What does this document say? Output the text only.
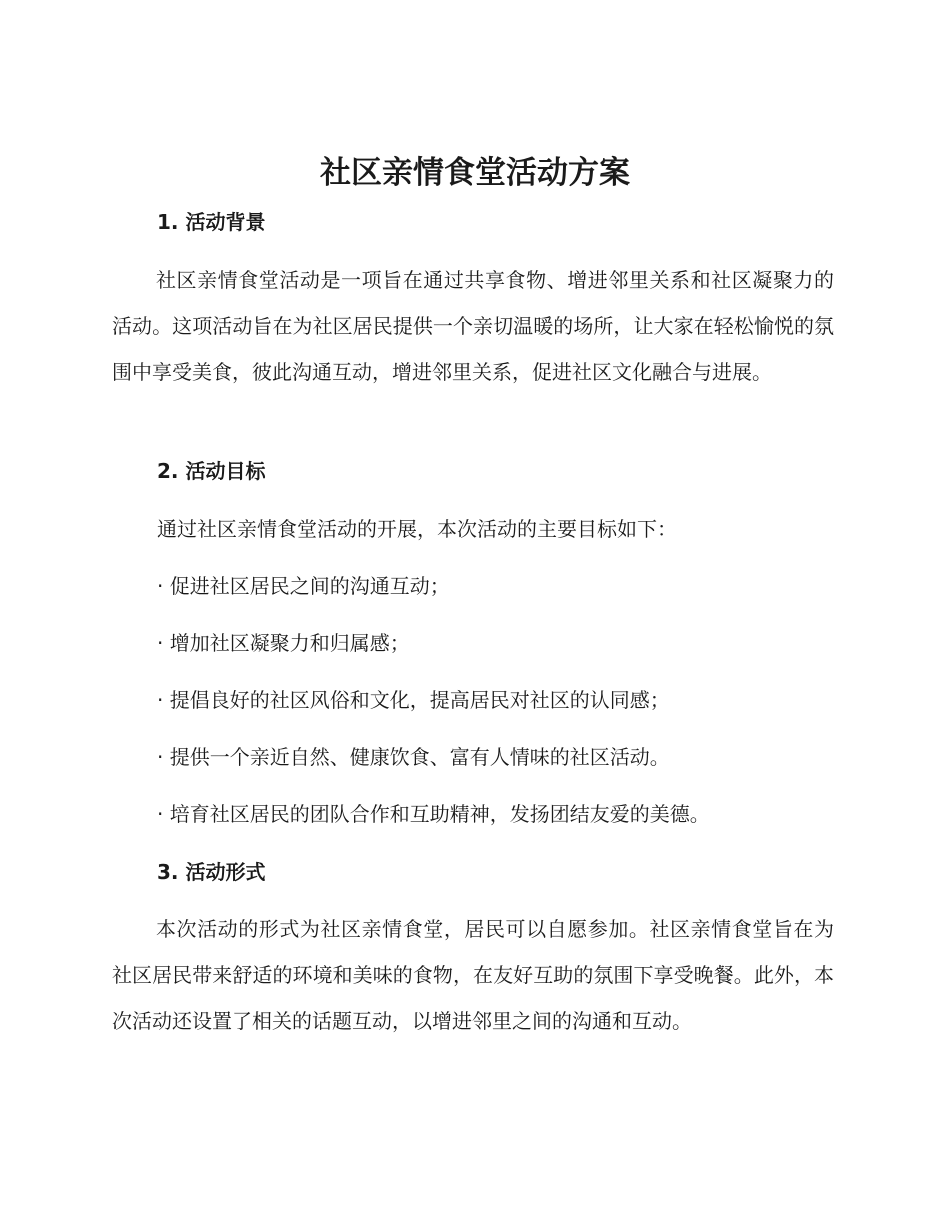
社区亲情食堂活动方案
1. 活动背景

社区亲情食堂活动是一项旨在通过共享食物、增进邻里关系和社区凝聚力的活动。这项活动旨在为社区居民提供一个亲切温暖的场所，让大家在轻松愉悦的氛围中享受美食，彼此沟通互动，增进邻里关系，促进社区文化融合与进展。

2. 活动目标

通过社区亲情食堂活动的开展，本次活动的主要目标如下：

· 促进社区居民之间的沟通互动；

· 增加社区凝聚力和归属感；

· 提倡良好的社区风俗和文化，提高居民对社区的认同感；

· 提供一个亲近自然、健康饮食、富有人情味的社区活动。

· 培育社区居民的团队合作和互助精神，发扬团结友爱的美德。

3. 活动形式

本次活动的形式为社区亲情食堂，居民可以自愿参加。社区亲情食堂旨在为社区居民带来舒适的环境和美味的食物，在友好互助的氛围下享受晚餐。此外，本次活动还设置了相关的话题互动，以增进邻里之间的沟通和互动。
